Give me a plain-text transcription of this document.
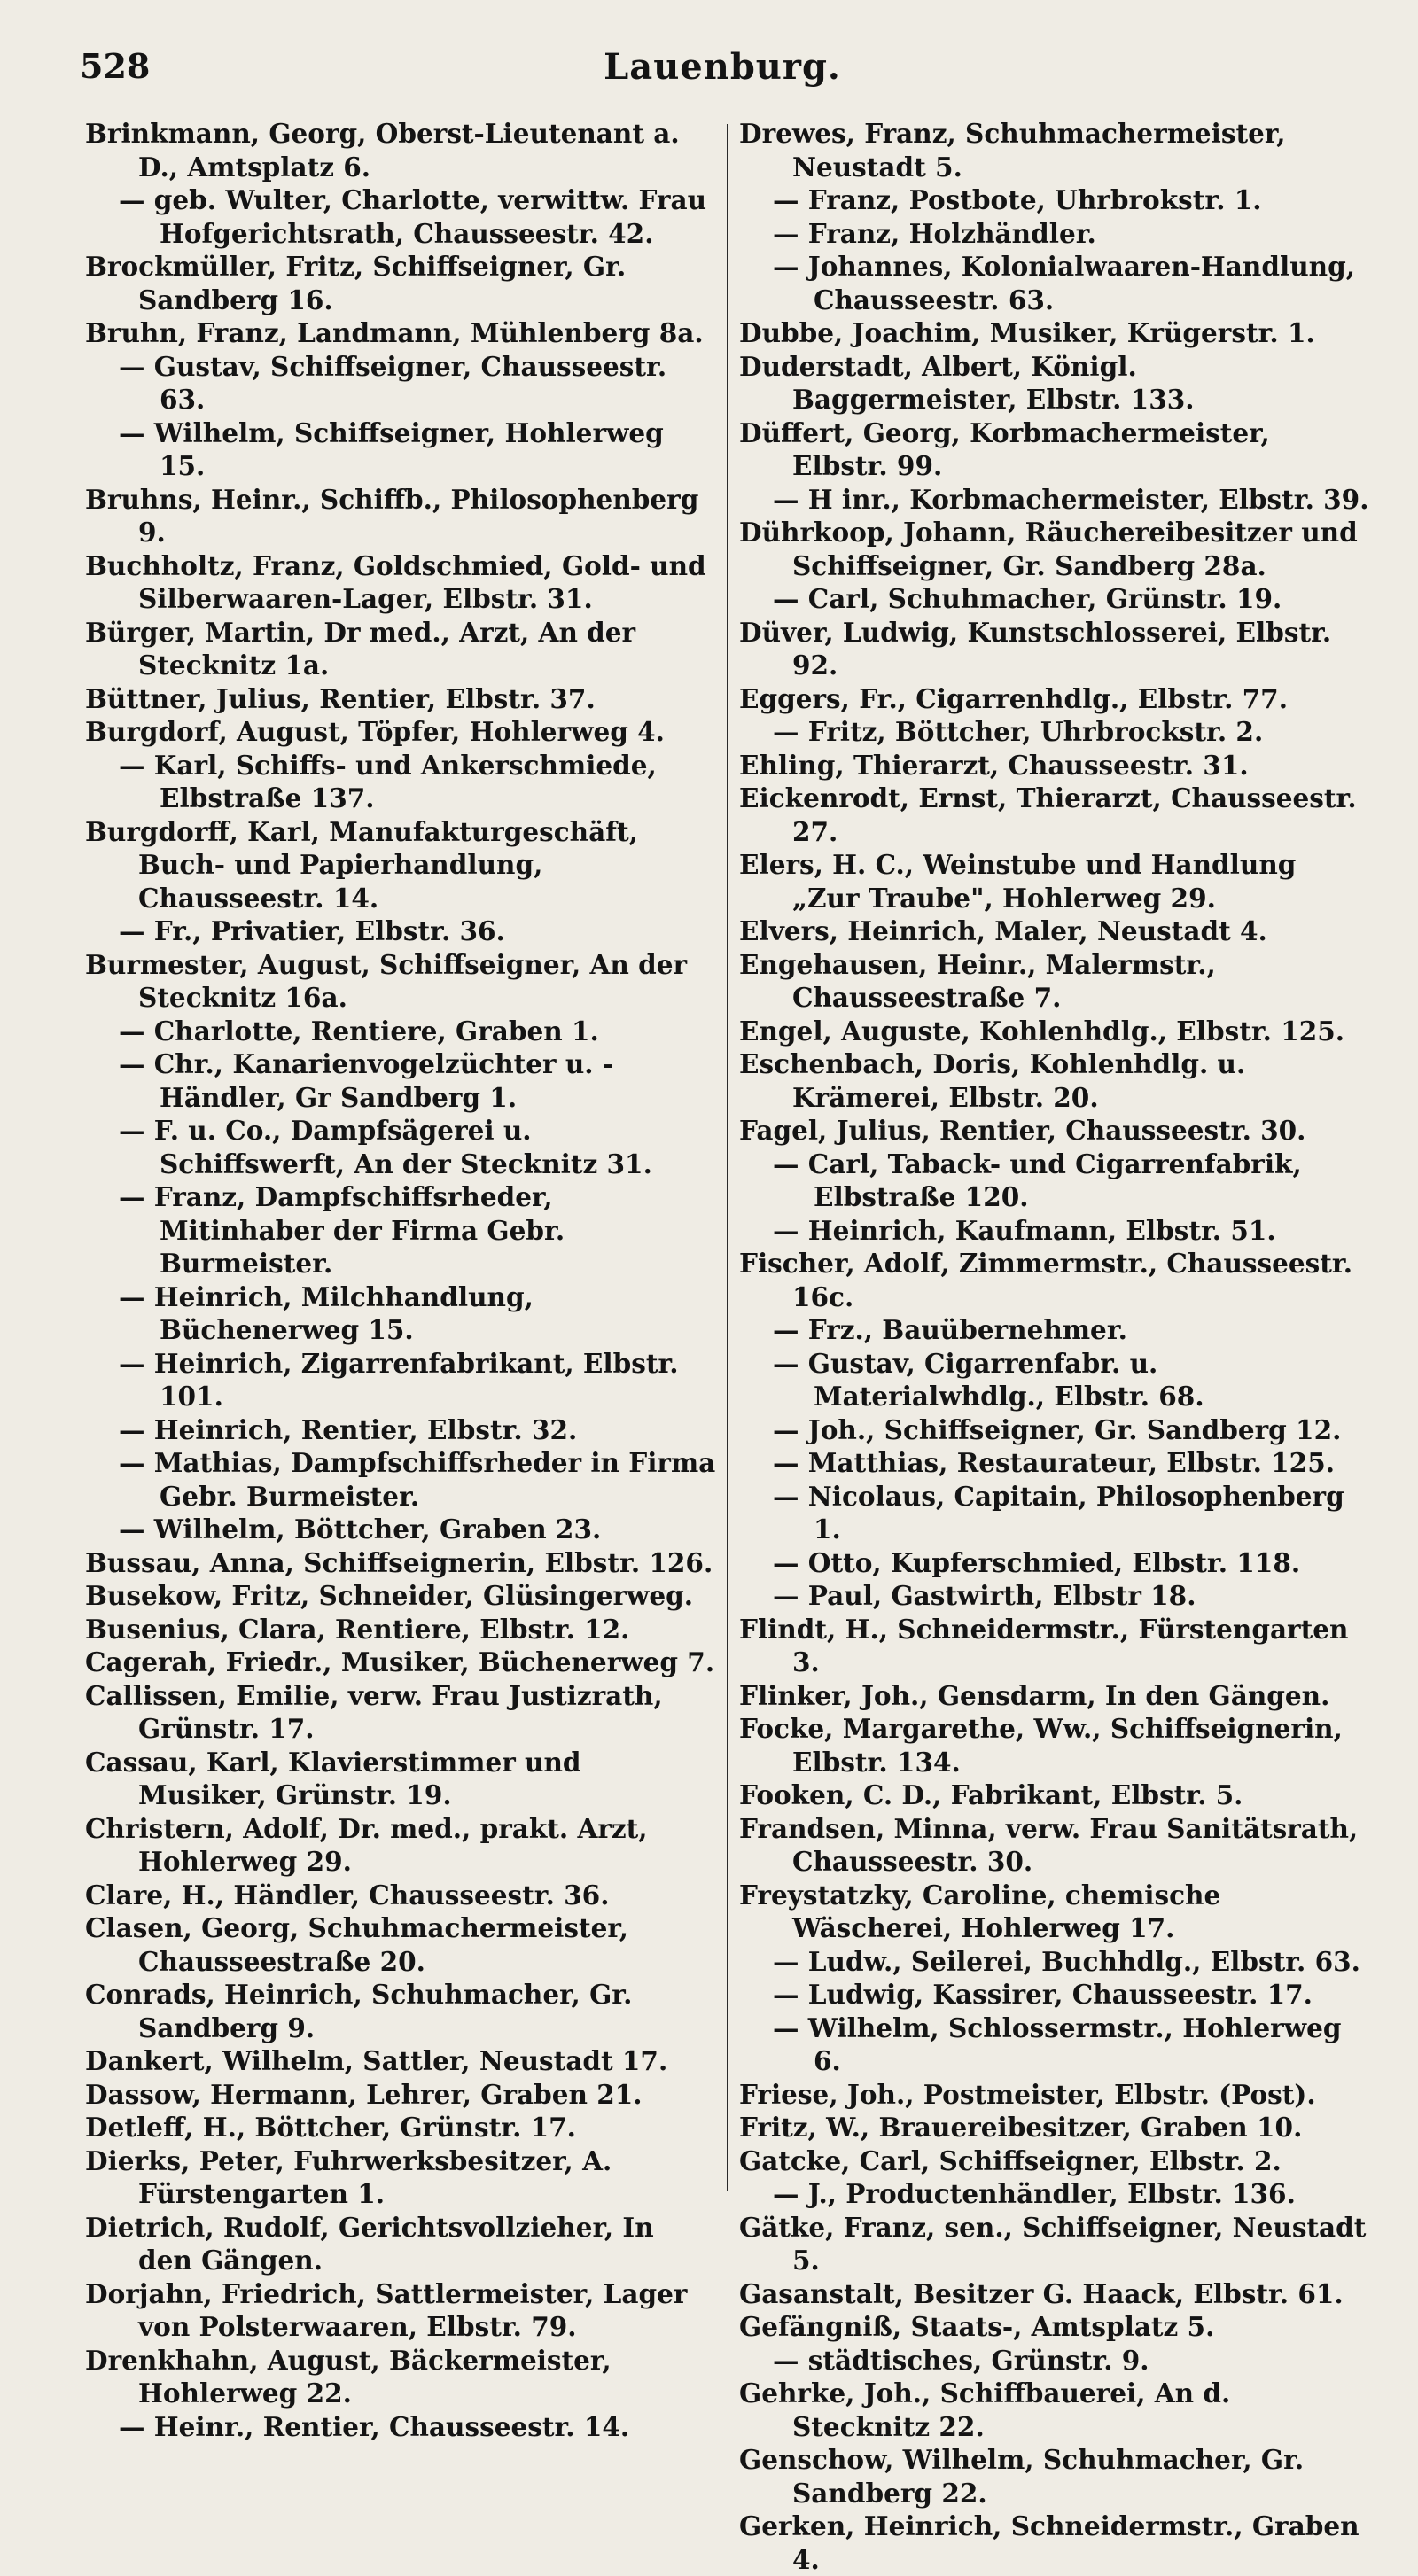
528	Lauenburg.
Brinkmann, Georg, Oberst-Lieutenant a. D., Amtsplatz 6.
— geb. Wulter, Charlotte, verwittw. Frau Hofgerichtsrath, Chausseestr. 42.
Brockmüller, Fritz, Schiffseigner, Gr. Sandberg 16.
Bruhn, Franz, Landmann, Mühlenberg 8a.
— Gustav, Schiffseigner, Chausseestr. 63.
— Wilhelm, Schiffseigner, Hohlerweg 15.
Bruhns, Heinr., Schiffb., Philosophenberg 9.
Buchholtz, Franz, Goldschmied, Gold- und Silberwaaren-Lager, Elbstr. 31.
Bürger, Martin, Dr med., Arzt, An der Stecknitz 1a.
Büttner, Julius, Rentier, Elbstr. 37.
Burgdorf, August, Töpfer, Hohlerweg 4.
— Karl, Schiffs- und Ankerschmiede, Elbstraße 137.
Burgdorff, Karl, Manufakturgeschäft, Buch- und Papierhandlung, Chausseestr. 14.
— Fr., Privatier, Elbstr. 36.
Burmester, August, Schiffseigner, An der Stecknitz 16a.
— Charlotte, Rentiere, Graben 1.
— Chr., Kanarienvogelzüchter u. -Händler, Gr Sandberg 1.
— F. u. Co., Dampfsägerei u. Schiffswerft, An der Stecknitz 31.
— Franz, Dampfschiffsrheder, Mitinhaber der Firma Gebr. Burmeister.
— Heinrich, Milchhandlung, Büchenerweg 15.
— Heinrich, Zigarrenfabrikant, Elbstr. 101.
— Heinrich, Rentier, Elbstr. 32.
— Mathias, Dampfschiffsrheder in Firma Gebr. Burmeister.
— Wilhelm, Böttcher, Graben 23.
Bussau, Anna, Schiffseignerin, Elbstr. 126.
Busekow, Fritz, Schneider, Glüsingerweg.
Busenius, Clara, Rentiere, Elbstr. 12.
Cagerah, Friedr., Musiker, Büchenerweg 7.
Callissen, Emilie, verw. Frau Justizrath, Grünstr. 17.
Cassau, Karl, Klavierstimmer und Musiker, Grünstr. 19.
Christern, Adolf, Dr. med., prakt. Arzt, Hohlerweg 29.
Clare, H., Händler, Chausseestr. 36.
Clasen, Georg, Schuhmachermeister, Chausseestraße 20.
Conrads, Heinrich, Schuhmacher, Gr. Sandberg 9.
Dankert, Wilhelm, Sattler, Neustadt 17.
Dassow, Hermann, Lehrer, Graben 21.
Detleff, H., Böttcher, Grünstr. 17.
Dierks, Peter, Fuhrwerksbesitzer, A. Fürstengarten 1.
Dietrich, Rudolf, Gerichtsvollzieher, In den Gängen.
Dorjahn, Friedrich, Sattlermeister, Lager von Polsterwaaren, Elbstr. 79.
Drenkhahn, August, Bäckermeister, Hohlerweg 22.
— Heinr., Rentier, Chausseestr. 14.
Drewes, Franz, Schuhmachermeister, Neustadt 5.
— Franz, Postbote, Uhrbrokstr. 1.
— Franz, Holzhändler.
— Johannes, Kolonialwaaren-Handlung, Chausseestr. 63.
Dubbe, Joachim, Musiker, Krügerstr. 1.
Duderstadt, Albert, Königl. Baggermeister, Elbstr. 133.
Düffert, Georg, Korbmachermeister, Elbstr. 99.
— H inr., Korbmachermeister, Elbstr. 39.
Dührkoop, Johann, Räuchereibesitzer und Schiffseigner, Gr. Sandberg 28a.
— Carl, Schuhmacher, Grünstr. 19.
Düver, Ludwig, Kunstschlosserei, Elbstr. 92.
Eggers, Fr., Cigarrenhdlg., Elbstr. 77.
— Fritz, Böttcher, Uhrbrockstr. 2.
Ehling, Thierarzt, Chausseestr. 31.
Eickenrodt, Ernst, Thierarzt, Chausseestr. 27.
Elers, H. C., Weinstube und Handlung „Zur Traube", Hohlerweg 29.
Elvers, Heinrich, Maler, Neustadt 4.
Engehausen, Heinr., Malermstr., Chausseestraße 7.
Engel, Auguste, Kohlenhdlg., Elbstr. 125.
Eschenbach, Doris, Kohlenhdlg. u. Krämerei, Elbstr. 20.
Fagel, Julius, Rentier, Chausseestr. 30.
— Carl, Taback- und Cigarrenfabrik, Elbstraße 120.
— Heinrich, Kaufmann, Elbstr. 51.
Fischer, Adolf, Zimmermstr., Chausseestr. 16c.
— Frz., Bauübernehmer.
— Gustav, Cigarrenfabr. u. Materialwhdlg., Elbstr. 68.
— Joh., Schiffseigner, Gr. Sandberg 12.
— Matthias, Restaurateur, Elbstr. 125.
— Nicolaus, Capitain, Philosophenberg 1.
— Otto, Kupferschmied, Elbstr. 118.
— Paul, Gastwirth, Elbstr 18.
Flindt, H., Schneidermstr., Fürstengarten 3.
Flinker, Joh., Gensdarm, In den Gängen.
Focke, Margarethe, Ww., Schiffseignerin, Elbstr. 134.
Fooken, C. D., Fabrikant, Elbstr. 5.
Frandsen, Minna, verw. Frau Sanitätsrath, Chausseestr. 30.
Freystatzky, Caroline, chemische Wäscherei, Hohlerweg 17.
— Ludw., Seilerei, Buchhdlg., Elbstr. 63.
— Ludwig, Kassirer, Chausseestr. 17.
— Wilhelm, Schlossermstr., Hohlerweg 6.
Friese, Joh., Postmeister, Elbstr. (Post).
Fritz, W., Brauereibesitzer, Graben 10.
Gatcke, Carl, Schiffseigner, Elbstr. 2.
— J., Productenhändler, Elbstr. 136.
Gätke, Franz, sen., Schiffseigner, Neustadt 5.
Gasanstalt, Besitzer G. Haack, Elbstr. 61.
Gefängniß, Staats-, Amtsplatz 5.
— städtisches, Grünstr. 9.
Gehrke, Joh., Schiffbauerei, An d. Stecknitz 22.
Genschow, Wilhelm, Schuhmacher, Gr. Sandberg 22.
Gerken, Heinrich, Schneidermstr., Graben 4.
